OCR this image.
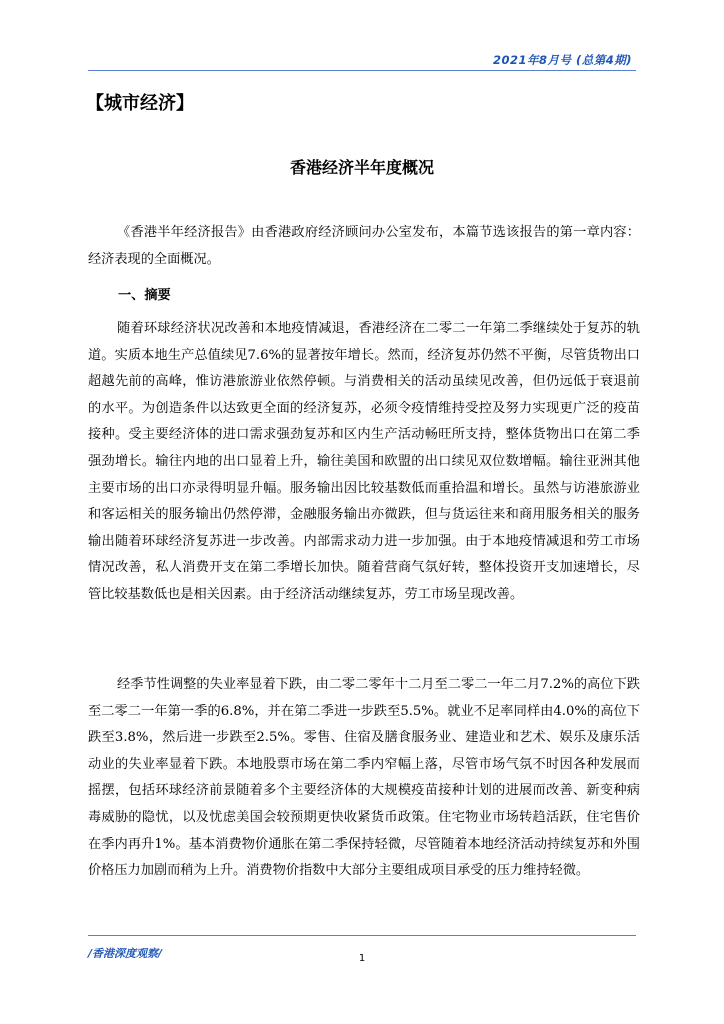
2021年8月号 (总第4期)
【城市经济】
香港经济半年度概况

《香港半年经济报告》由香港政府经济顾问办公室发布，本篇节选该报告的第一章内容：经济表现的全面概况。

一、摘要

随着环球经济状况改善和本地疫情减退，香港经济在二零二一年第二季继续处于复苏的轨道。实质本地生产总值续见7.6%的显著按年增长。然而，经济复苏仍然不平衡，尽管货物出口超越先前的高峰，惟访港旅游业依然停顿。与消费相关的活动虽续见改善，但仍远低于衰退前的水平。为创造条件以达致更全面的经济复苏，必须令疫情维持受控及努力实现更广泛的疫苗接种。受主要经济体的进口需求强劲复苏和区内生产活动畅旺所支持，整体货物出口在第二季强劲增长。输往内地的出口显着上升，输往美国和欧盟的出口续见双位数增幅。输往亚洲其他主要市场的出口亦录得明显升幅。服务输出因比较基数低而重拾温和增长。虽然与访港旅游业和客运相关的服务输出仍然停滞，金融服务输出亦微跌，但与货运往来和商用服务相关的服务输出随着环球经济复苏进一步改善。内部需求动力进一步加强。由于本地疫情减退和劳工市场情况改善，私人消费开支在第二季增长加快。随着营商气氛好转，整体投资开支加速增长，尽管比较基数低也是相关因素。由于经济活动继续复苏，劳工市场呈现改善。

经季节性调整的失业率显着下跌，由二零二零年十二月至二零二一年二月7.2%的高位下跌至二零二一年第一季的6.8%，并在第二季进一步跌至5.5%。就业不足率同样由4.0%的高位下跌至3.8%，然后进一步跌至2.5%。零售、住宿及膳食服务业、建造业和艺术、娱乐及康乐活动业的失业率显着下跌。本地股票市场在第二季内窄幅上落，尽管市场气氛不时因各种发展而摇摆，包括环球经济前景随着多个主要经济体的大规模疫苗接种计划的进展而改善、新变种病毒威胁的隐忧，以及忧虑美国会较预期更快收紧货币政策。住宅物业市场转趋活跃，住宅售价在季内再升1%。基本消费物价通胀在第二季保持轻微，尽管随着本地经济活动持续复苏和外围价格压力加剧而稍为上升。消费物价指数中大部分主要组成项目承受的压力维持轻微。

/香港深度观察/	1
